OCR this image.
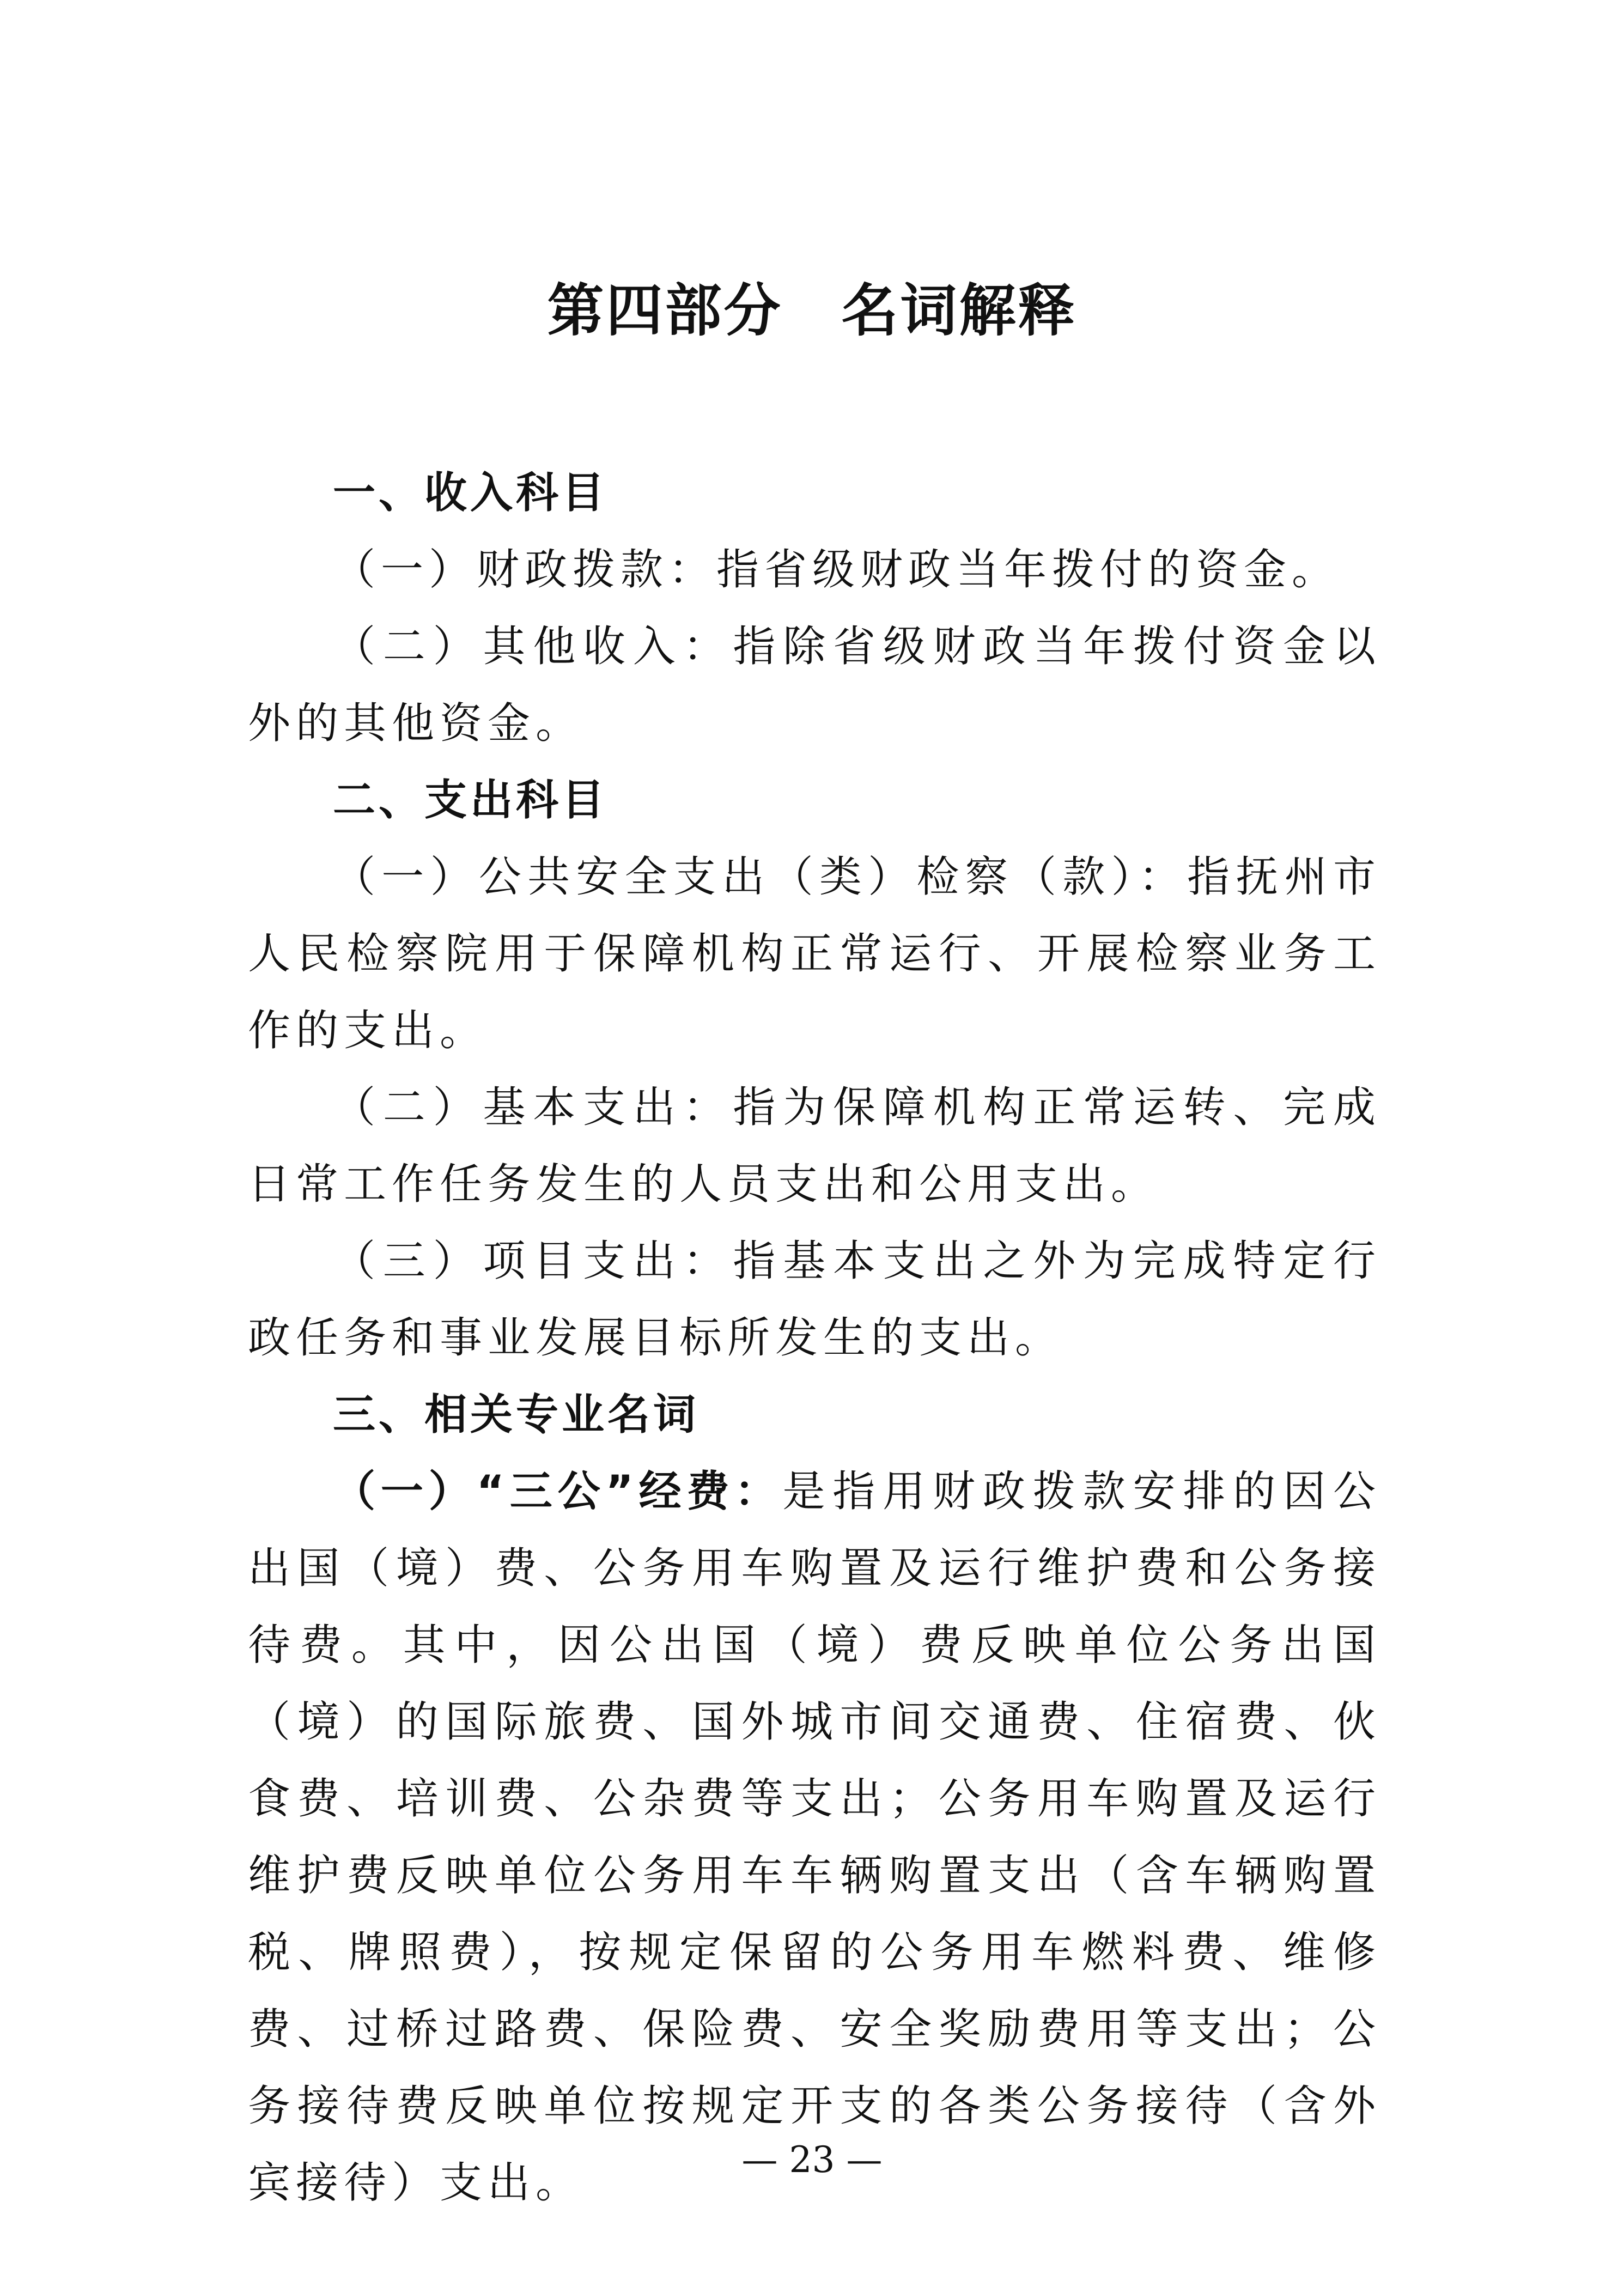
第四部分　名词解释

一、收入科目

（一）财政拨款：指省级财政当年拨付的资金。

（二）其他收入：指除省级财政当年拨付资金以外的其他资金。

二、支出科目

（一）公共安全支出（类）检察（款）：指抚州市人民检察院用于保障机构正常运行、开展检察业务工作的支出。

（二）基本支出：指为保障机构正常运转、完成日常工作任务发生的人员支出和公用支出。

（三）项目支出：指基本支出之外为完成特定行政任务和事业发展目标所发生的支出。

三、相关专业名词

（一）“三公”经费：是指用财政拨款安排的因公出国（境）费、公务用车购置及运行维护费和公务接待费。其中，因公出国（境）费反映单位公务出国（境）的国际旅费、国外城市间交通费、住宿费、伙食费、培训费、公杂费等支出；公务用车购置及运行维护费反映单位公务用车车辆购置支出（含车辆购置税、牌照费），按规定保留的公务用车燃料费、维修费、过桥过路费、保险费、安全奖励费用等支出；公务接待费反映单位按规定开支的各类公务接待（含外宾接待）支出。	— 23 —
